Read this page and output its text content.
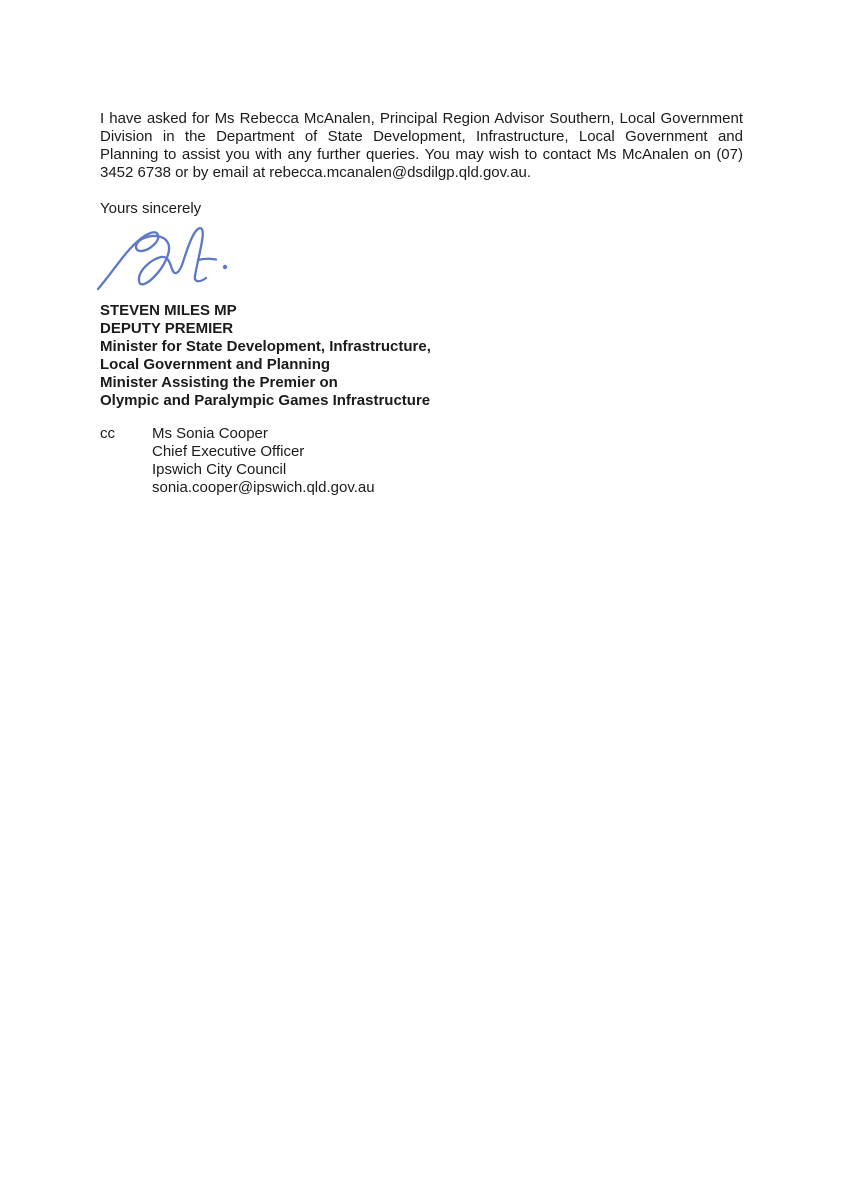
I have asked for Ms Rebecca McAnalen, Principal Region Advisor Southern, Local Government Division in the Department of State Development, Infrastructure, Local Government and Planning to assist you with any further queries. You may wish to contact Ms McAnalen on (07) 3452 6738 or by email at rebecca.mcanalen@dsdilgp.qld.gov.au.

Yours sincerely
STEVEN MILES MP
DEPUTY PREMIER
Minister for State Development, Infrastructure,
Local Government and Planning
Minister Assisting the Premier on
Olympic and Paralympic Games Infrastructure
cc	Ms Sonia Cooper
Chief Executive Officer
Ipswich City Council
sonia.cooper@ipswich.qld.gov.au
